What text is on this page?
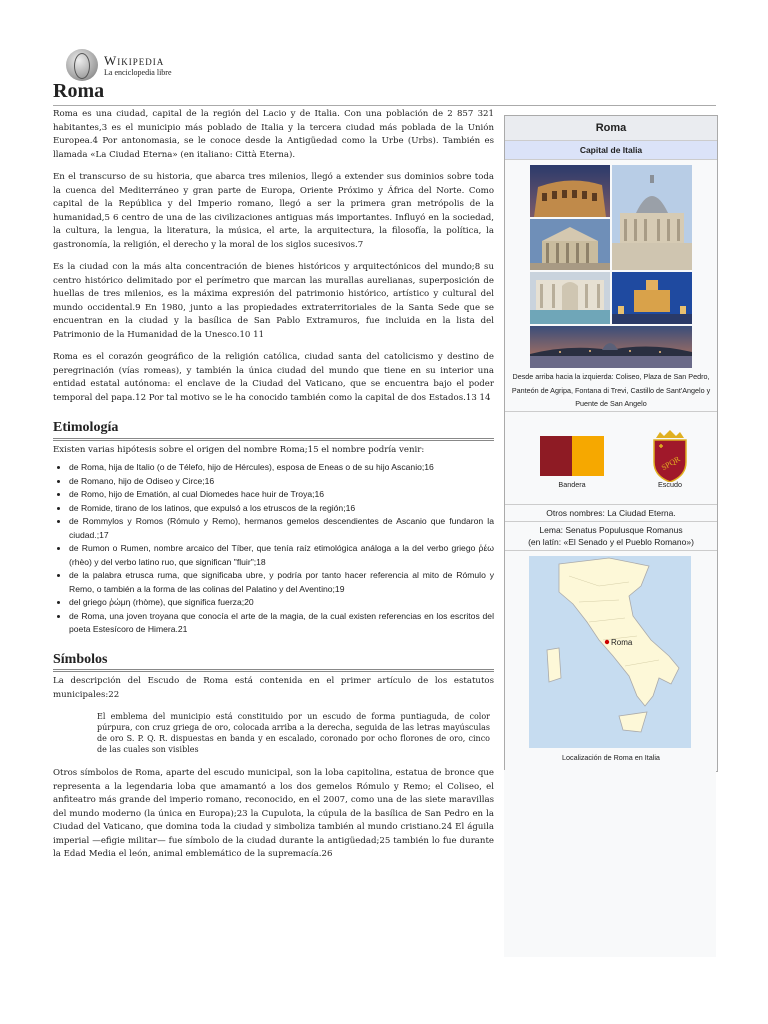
Wikipedia
La enciclopedia libre
Roma

Roma es una ciudad, capital de la región del Lacio y de Italia. Con una población de 2 857 321 habitantes,3 es el municipio más poblado de Italia y la tercera ciudad más poblada de la Unión Europea.4 Por antonomasia, se le conoce desde la Antigüedad como la Urbe (Urbs). También es llamada «La Ciudad Eterna» (en italiano: Città Eterna).

En el transcurso de su historia, que abarca tres milenios, llegó a extender sus dominios sobre toda la cuenca del Mediterráneo y gran parte de Europa, Oriente Próximo y África del Norte. Como capital de la República y del Imperio romano, llegó a ser la primera gran metrópolis de la humanidad,5 6 centro de una de las civilizaciones antiguas más importantes. Influyó en la sociedad, la cultura, la lengua, la literatura, la música, el arte, la arquitectura, la filosofía, la política, la gastronomía, la religión, el derecho y la moral de los siglos sucesivos.7

Es la ciudad con la más alta concentración de bienes históricos y arquitectónicos del mundo;8 su centro histórico delimitado por el perímetro que marcan las murallas aurelianas, superposición de huellas de tres milenios, es la máxima expresión del patrimonio histórico, artístico y cultural del mundo occidental.9 En 1980, junto a las propiedades extraterritoriales de la Santa Sede que se encuentran en la ciudad y la basílica de San Pablo Extramuros, fue incluida en la lista del Patrimonio de la Humanidad de la Unesco.10 11

Roma es el corazón geográfico de la religión católica, ciudad santa del catolicismo y destino de peregrinación (vías romeas), y también la única ciudad del mundo que tiene en su interior una entidad estatal autónoma: el enclave de la Ciudad del Vaticano, que se encuentra bajo el poder temporal del papa.12 Por tal motivo se le ha conocido también como la capital de dos Estados.13 14

Etimología

Existen varias hipótesis sobre el origen del nombre Roma;15 el nombre podría venir:

• de Roma, hija de Italio (o de Télefo, hijo de Hércules), esposa de Eneas o de su hijo Ascanio;16
• de Romano, hijo de Odiseo y Circe;16
• de Romo, hijo de Ematión, al cual Diomedes hace huir de Troya;16
• de Romide, tirano de los latinos, que expulsó a los etruscos de la región;16
• de Rommylos y Romos (Rómulo y Remo), hermanos gemelos descendientes de Ascanio que fundaron la ciudad.;17
• de Rumon o Rumen, nombre arcaico del Tíber, que tenía raíz etimológica análoga a la del verbo griego ῥέω (rhèo) y del verbo latino ruo, que significan "fluir";18
• de la palabra etrusca ruma, que significaba ubre, y podría por tanto hacer referencia al mito de Rómulo y Remo, o también a la forma de las colinas del Palatino y del Aventino;19
• del griego ῥώμη (rhòme), que significa fuerza;20
• de Roma, una joven troyana que conocía el arte de la magia, de la cual existen referencias en los escritos del poeta Estesícoro de Himera.21
Símbolos

La descripción del Escudo de Roma está contenida en el primer artículo de los estatutos municipales:22

El emblema del municipio está constituido por un escudo de forma puntiaguda, de color púrpura, con cruz griega de oro, colocada arriba a la derecha, seguida de las letras mayúsculas de oro S. P. Q. R. dispuestas en banda y en escalado, coronado por ocho florones de oro, cinco de las cuales son visibles

Otros símbolos de Roma, aparte del escudo municipal, son la loba capitolina, estatua de bronce que representa a la legendaria loba que amamantó a los dos gemelos Rómulo y Remo; el Coliseo, el anfiteatro más grande del imperio romano, reconocido, en el 2007, como una de las siete maravillas del mundo moderno (la única en Europa);23 la Cupulota, la cúpula de la basílica de San Pedro en la Ciudad del Vaticano, que domina toda la ciudad y simboliza también al mundo cristiano.24 El águila imperial —efigie militar— fue símbolo de la ciudad durante la antigüedad;25 también lo fue durante la Edad Media el león, animal emblemático de la supremacía.26

Roma
Capital de Italia
Desde arriba hacia la izquierda: Coliseo, Plaza de San Pedro, Panteón de Agripa, Fontana di Trevi, Castillo de Sant'Angelo y Puente de San Angelo
Bandera
SPQR
Escudo
Otros nombres: La Ciudad Eterna.
Lema: Senatus Populusque Romanus
(en latín: «El Senado y el Pueblo Romano»)
Roma
Localización de Roma en Italia
